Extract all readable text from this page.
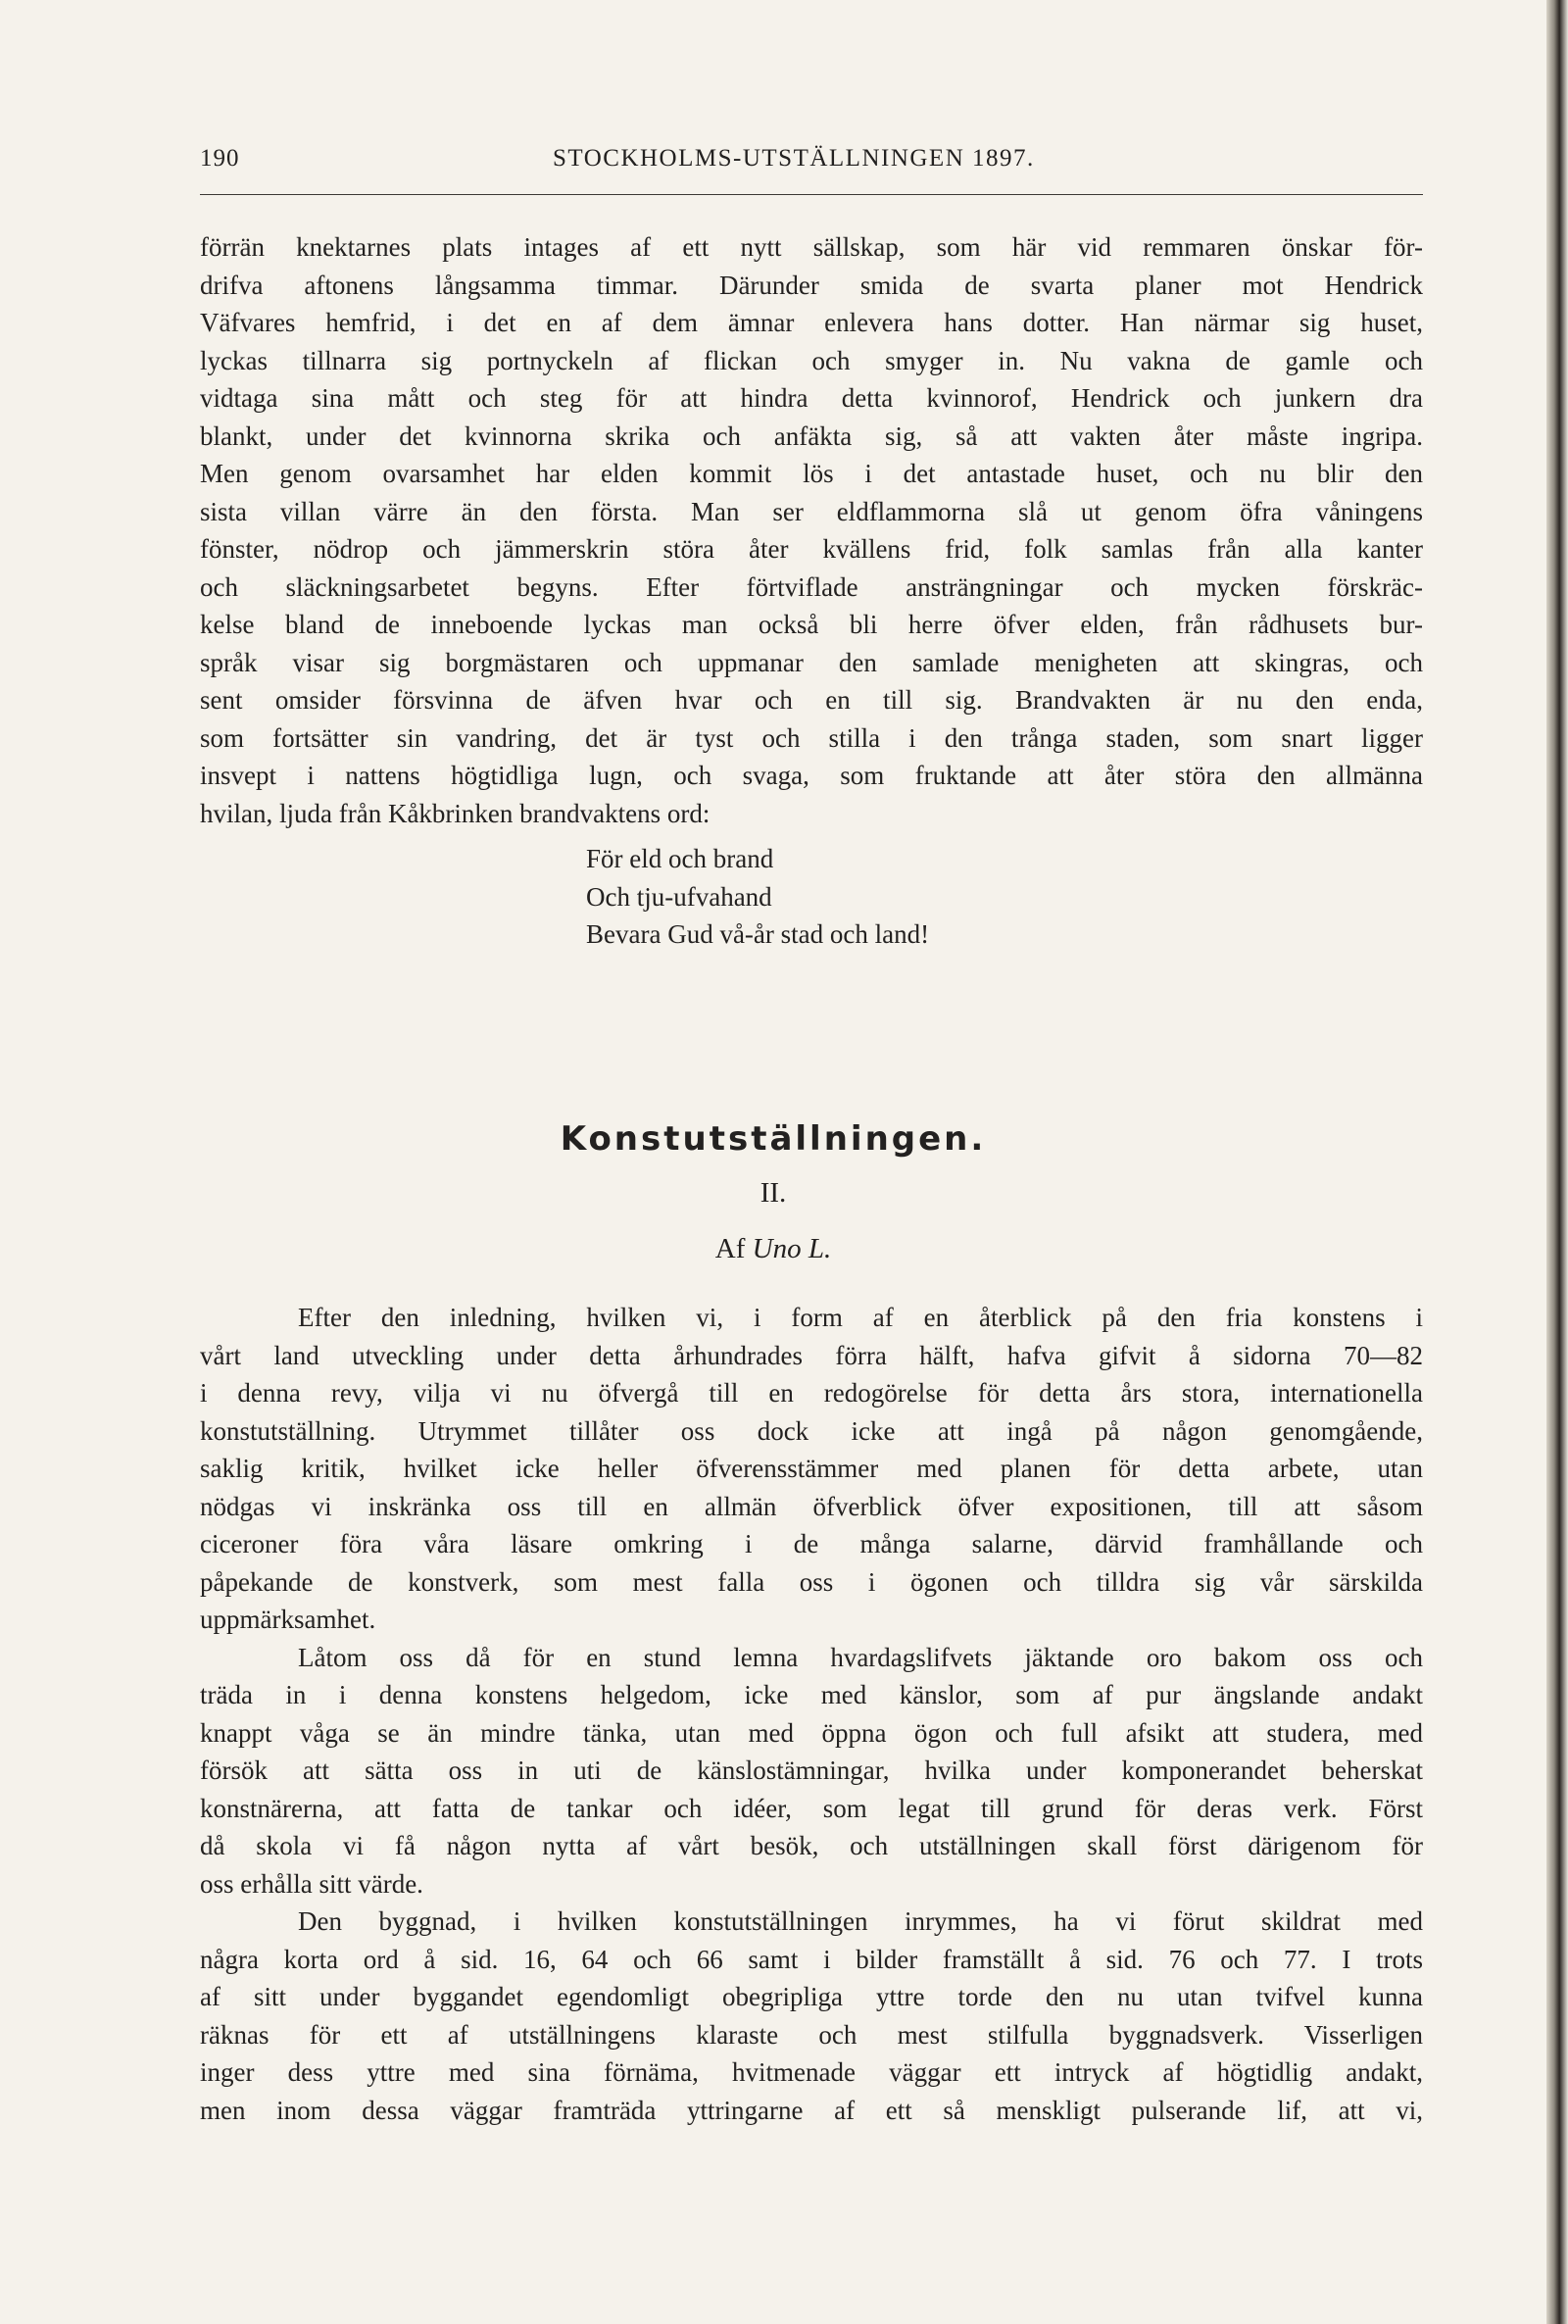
190	STOCKHOLMS-UTSTÄLLNINGEN 1897.

förrän knektarnes plats intages af ett nytt sällskap, som här vid remmaren önskar för-
drifva aftonens långsamma timmar. Därunder smida de svarta planer mot Hendrick
Väfvares hemfrid, i det en af dem ämnar enlevera hans dotter. Han närmar sig huset,
lyckas tillnarra sig portnyckeln af flickan och smyger in. Nu vakna de gamle och
vidtaga sina mått och steg för att hindra detta kvinnorof, Hendrick och junkern dra
blankt, under det kvinnorna skrika och anfäkta sig, så att vakten åter måste ingripa.
Men genom ovarsamhet har elden kommit lös i det antastade huset, och nu blir den
sista villan värre än den första. Man ser eldflammorna slå ut genom öfra våningens
fönster, nödrop och jämmerskrin störa åter kvällens frid, folk samlas från alla kanter
och släckningsarbetet begyns. Efter förtviflade ansträngningar och mycken förskräc-
kelse bland de inneboende lyckas man också bli herre öfver elden, från rådhusets bur-
språk visar sig borgmästaren och uppmanar den samlade menigheten att skingras, och
sent omsider försvinna de äfven hvar och en till sig. Brandvakten är nu den enda,
som fortsätter sin vandring, det är tyst och stilla i den trånga staden, som snart ligger
insvept i nattens högtidliga lugn, och svaga, som fruktande att åter störa den allmänna
hvilan, ljuda från Kåkbrinken brandvaktens ord:

För eld och brand
Och tju-ufvahand
Bevara Gud vå-år stad och land!
Konstutställningen.
II.
Af Uno L.

Efter den inledning, hvilken vi, i form af en återblick på den fria konstens i
vårt land utveckling under detta århundrades förra hälft, hafva gifvit å sidorna 70—82
i denna revy, vilja vi nu öfvergå till en redogörelse för detta års stora, internationella
konstutställning. Utrymmet tillåter oss dock icke att ingå på någon genomgående,
saklig kritik, hvilket icke heller öfverensstämmer med planen för detta arbete, utan
nödgas vi inskränka oss till en allmän öfverblick öfver expositionen, till att såsom
ciceroner föra våra läsare omkring i de många salarne, därvid framhållande och
påpekande de konstverk, som mest falla oss i ögonen och tilldra sig vår särskilda
uppmärksamhet.

Låtom oss då för en stund lemna hvardagslifvets jäktande oro bakom oss och
träda in i denna konstens helgedom, icke med känslor, som af pur ängslande andakt
knappt våga se än mindre tänka, utan med öppna ögon och full afsikt att studera, med
försök att sätta oss in uti de känslostämningar, hvilka under komponerandet beherskat
konstnärerna, att fatta de tankar och idéer, som legat till grund för deras verk. Först
då skola vi få någon nytta af vårt besök, och utställningen skall först därigenom för
oss erhålla sitt värde.

Den byggnad, i hvilken konstutställningen inrymmes, ha vi förut skildrat med
några korta ord å sid. 16, 64 och 66 samt i bilder framställt å sid. 76 och 77. I trots
af sitt under byggandet egendomligt obegripliga yttre torde den nu utan tvifvel kunna
räknas för ett af utställningens klaraste och mest stilfulla byggnadsverk. Visserligen
inger dess yttre med sina förnäma, hvitmenade väggar ett intryck af högtidlig andakt,
men inom dessa väggar framträda yttringarne af ett så menskligt pulserande lif, att vi,
